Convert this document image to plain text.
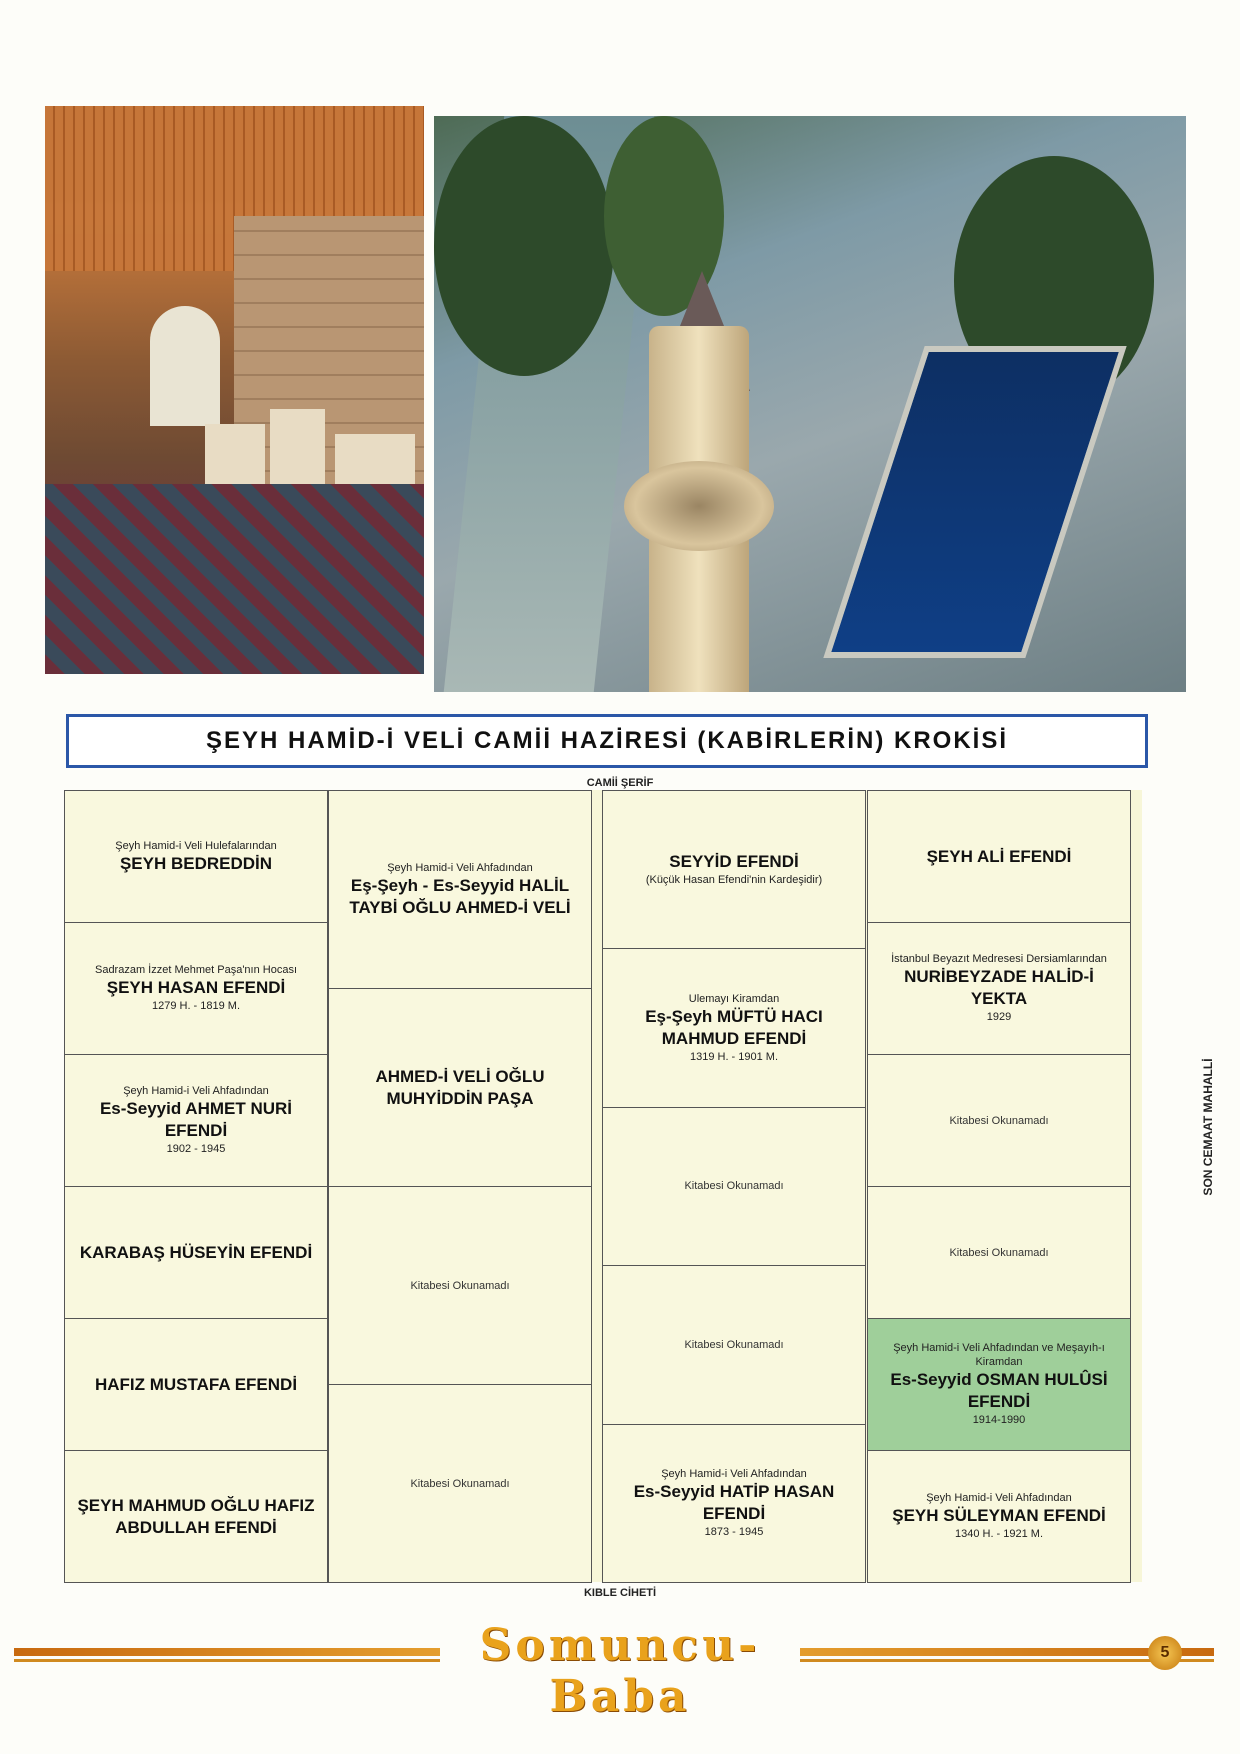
ŞEYH HAMİD-İ VELİ CAMİİ HAZİRESİ (KABİRLERİN) KROKİSİ
CAMİİ ŞERİF
KIBLE CİHETİ
SON CEMAAT MAHALLİ
Şeyh Hamid-i Veli Hulefalarından
ŞEYH BEDREDDİN
Sadrazam İzzet Mehmet Paşa'nın Hocası
ŞEYH HASAN EFENDİ
1279 H. - 1819 M.
Şeyh Hamid-i Veli Ahfadından
Es-Seyyid AHMET NURİ EFENDİ
1902 - 1945
KARABAŞ HÜSEYİN EFENDİ
HAFIZ MUSTAFA EFENDİ
ŞEYH MAHMUD OĞLU HAFIZ ABDULLAH EFENDİ
Şeyh Hamid-i Veli Ahfadından
Eş-Şeyh - Es-Seyyid HALİL TAYBİ OĞLU AHMED-İ VELİ
AHMED-İ VELİ OĞLU MUHYİDDİN PAŞA
Kitabesi Okunamadı
Kitabesi Okunamadı
SEYYİD EFENDİ
(Küçük Hasan Efendi'nin Kardeşidir)
Ulemayı Kiramdan
Eş-Şeyh MÜFTÜ HACI MAHMUD EFENDİ
1319 H. - 1901 M.
Kitabesi Okunamadı
Kitabesi Okunamadı
Şeyh Hamid-i Veli Ahfadından
Es-Seyyid HATİP HASAN EFENDİ
1873 - 1945
ŞEYH ALİ EFENDİ
İstanbul Beyazıt Medresesi Dersiamlarından
NURİBEYZADE HALİD-İ YEKTA
1929
Kitabesi Okunamadı
Kitabesi Okunamadı
Şeyh Hamid-i Veli Ahfadından ve Meşayıh-ı Kiramdan
Es-Seyyid OSMAN HULÛSİ EFENDİ
1914-1990
Şeyh Hamid-i Veli Ahfadından
ŞEYH SÜLEYMAN EFENDİ
1340 H. - 1921 M.
Somuncu-Baba
5
